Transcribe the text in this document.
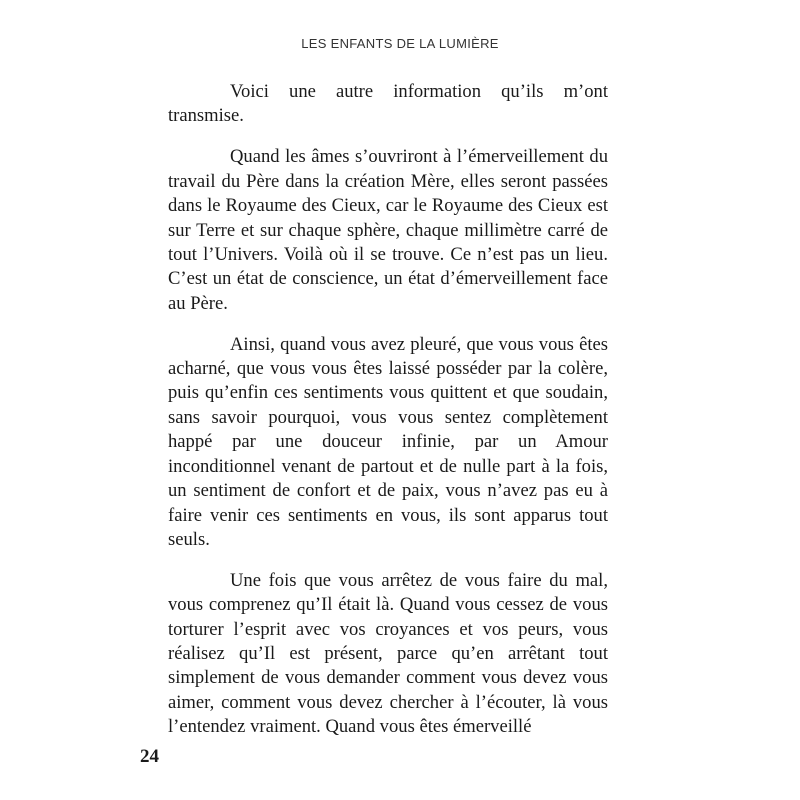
LES ENFANTS DE LA LUMIÈRE

Voici une autre information qu’ils m’ont transmise.

Quand les âmes s’ouvriront à l’émerveillement du travail du Père dans la création Mère, elles seront passées dans le Royaume des Cieux, car le Royaume des Cieux est sur Terre et sur chaque sphère, chaque millimètre carré de tout l’Univers. Voilà où il se trouve. Ce n’est pas un lieu. C’est un état de conscience, un état d’émerveillement face au Père.

Ainsi, quand vous avez pleuré, que vous vous êtes acharné, que vous vous êtes laissé posséder par la colère, puis qu’enfin ces sentiments vous quittent et que soudain, sans savoir pourquoi, vous vous sentez complètement happé par une douceur infinie, par un Amour inconditionnel venant de partout et de nulle part à la fois, un sentiment de confort et de paix, vous n’avez pas eu à faire venir ces sentiments en vous, ils sont apparus tout seuls.

Une fois que vous arrêtez de vous faire du mal, vous comprenez qu’Il était là. Quand vous cessez de vous torturer l’esprit avec vos croyances et vos peurs, vous réalisez qu’Il est présent, parce qu’en arrêtant tout simplement de vous demander comment vous devez vous aimer, comment vous devez chercher à l’écouter, là vous l’entendez vraiment. Quand vous êtes émerveillé

24
